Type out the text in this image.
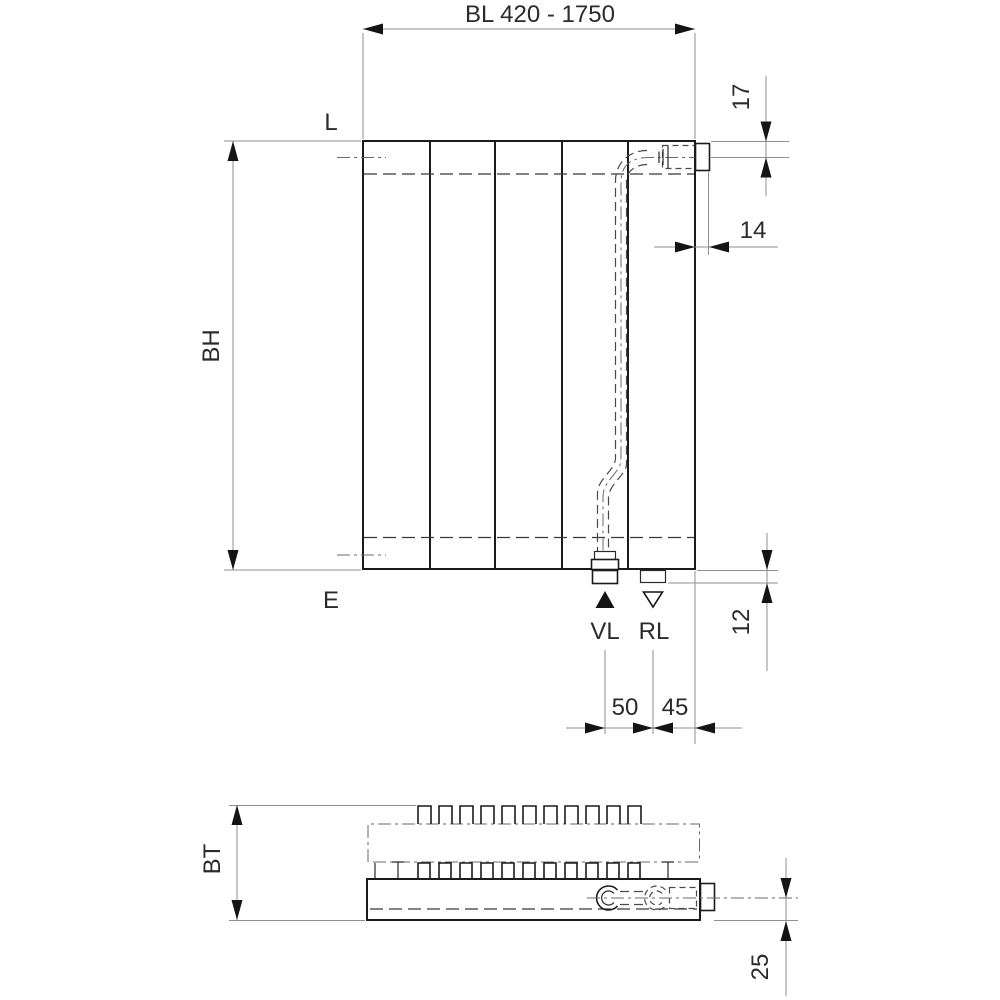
VL RL
BL 420 - 1750
BH
L
E
17
14
12
50 45
BT
25
